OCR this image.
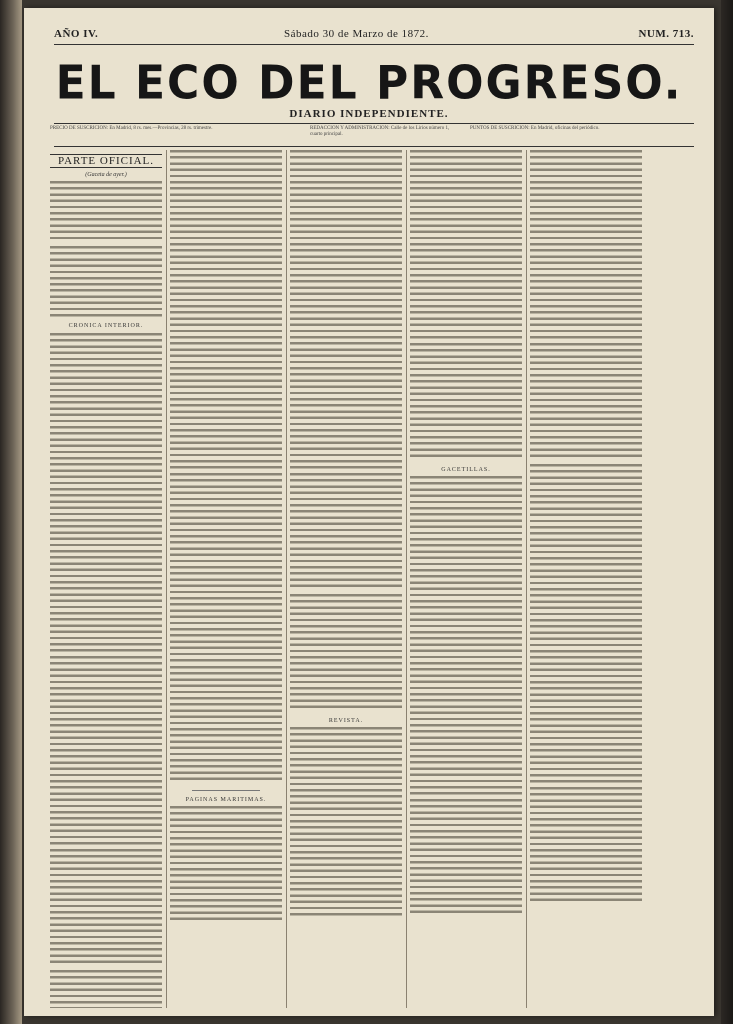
AÑO IV.	Sábado 30 de Marzo de 1872.	NUM. 713.
EL ECO DEL PROGRESO.
DIARIO INDEPENDIENTE.
PRECIO DE SUSCRICION: En Madrid, 8 rs. mes.—Provincias, 28 rs. trimestre.	REDACCION Y ADMINISTRACION: Calle de los Lirios número 1, cuarto principal.
PUNTOS DE SUSCRICION: En Madrid, oficinas del periódico.
PARTE OFICIAL.
(Gaceta de ayer.)
CRONICA INTERIOR.
PAGINAS MARITIMAS.
REVISTA.
GACETILLAS.
